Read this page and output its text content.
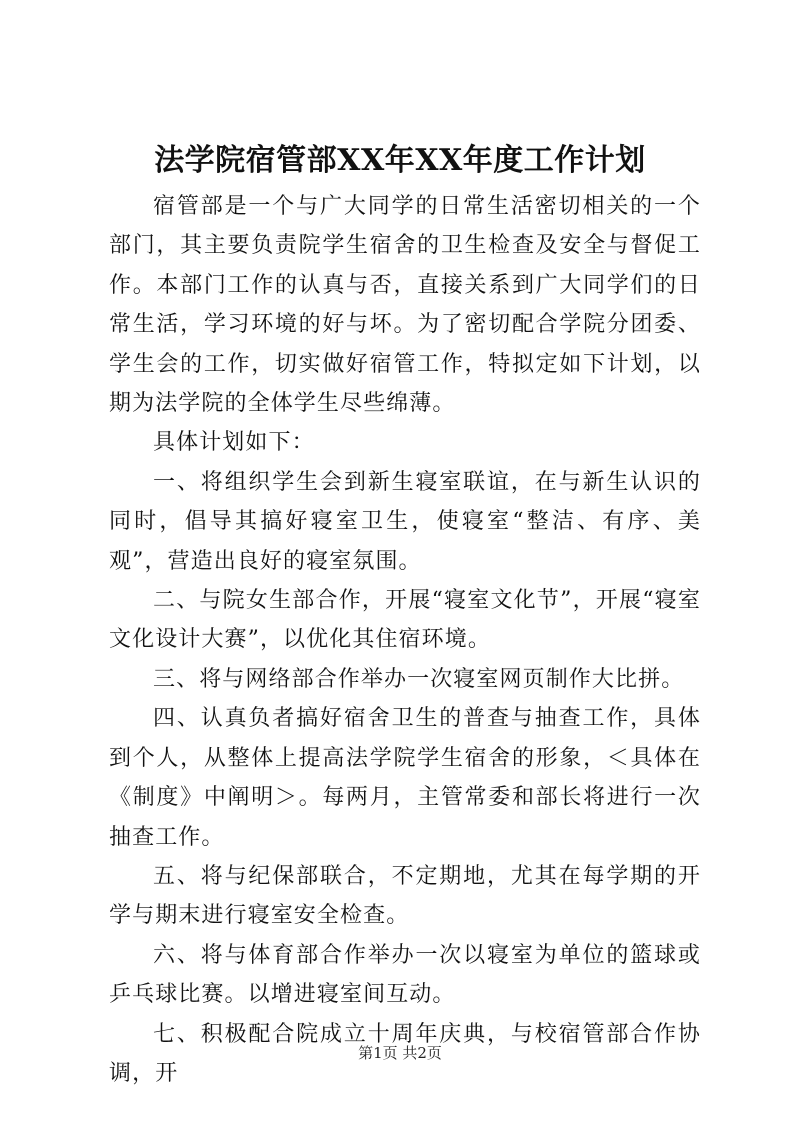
法学院宿管部XX年XX年度工作计划

宿管部是一个与广大同学的日常生活密切相关的一个部门，其主要负责院学生宿舍的卫生检查及安全与督促工作。本部门工作的认真与否，直接关系到广大同学们的日常生活，学习环境的好与坏。为了密切配合学院分团委、学生会的工作，切实做好宿管工作，特拟定如下计划，以期为法学院的全体学生尽些绵薄。

具体计划如下：

一、将组织学生会到新生寝室联谊，在与新生认识的同时，倡导其搞好寝室卫生，使寝室“整洁、有序、美观”，营造出良好的寝室氛围。

二、与院女生部合作，开展“寝室文化节”，开展“寝室文化设计大赛”，以优化其住宿环境。

三、将与网络部合作举办一次寝室网页制作大比拼。

四、认真负者搞好宿舍卫生的普查与抽查工作，具体到个人，从整体上提高法学院学生宿舍的形象，＜具体在《制度》中阐明＞。每两月，主管常委和部长将进行一次抽查工作。

五、将与纪保部联合，不定期地，尤其在每学期的开学与期末进行寝室安全检查。

六、将与体育部合作举办一次以寝室为单位的篮球或乒乓球比赛。以增进寝室间互动。

七、积极配合院成立十周年庆典，与校宿管部合作协调，开

第1页 共2页
